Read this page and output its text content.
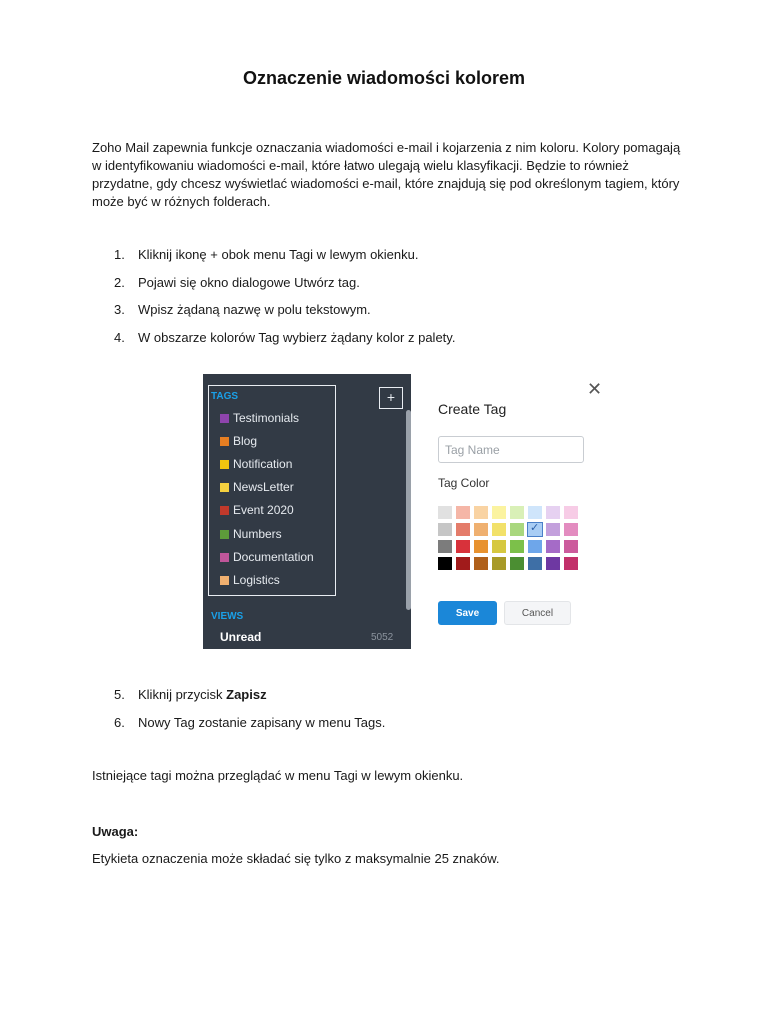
Oznaczenie wiadomości kolorem

Zoho Mail zapewnia funkcje oznaczania wiadomości e-mail i kojarzenia z nim koloru. Kolory pomagają w identyfikowaniu wiadomości e-mail, które łatwo ulegają wielu klasyfikacji. Będzie to również przydatne, gdy chcesz wyświetlać wiadomości e-mail, które znajdują się pod określonym tagiem, który może być w różnych folderach.

1. Kliknij ikonę + obok menu Tagi w lewym okienku.
2. Pojawi się okno dialogowe Utwórz tag.
3. Wpisz żądaną nazwę w polu tekstowym.
4. W obszarze kolorów Tag wybierz żądany kolor z palety.
TAGS
Testimonials
Blog
Notification
NewsLetter
Event 2020
Numbers
Documentation
Logistics
+
VIEWS
Unread	5052
✕
Create Tag
Tag Name
Tag Color
✓
Save	Cancel
5. Kliknij przycisk Zapisz
6. Nowy Tag zostanie zapisany w menu Tags.

Istniejące tagi można przeglądać w menu Tagi w lewym okienku.

Uwaga:

Etykieta oznaczenia może składać się tylko z maksymalnie 25 znaków.
